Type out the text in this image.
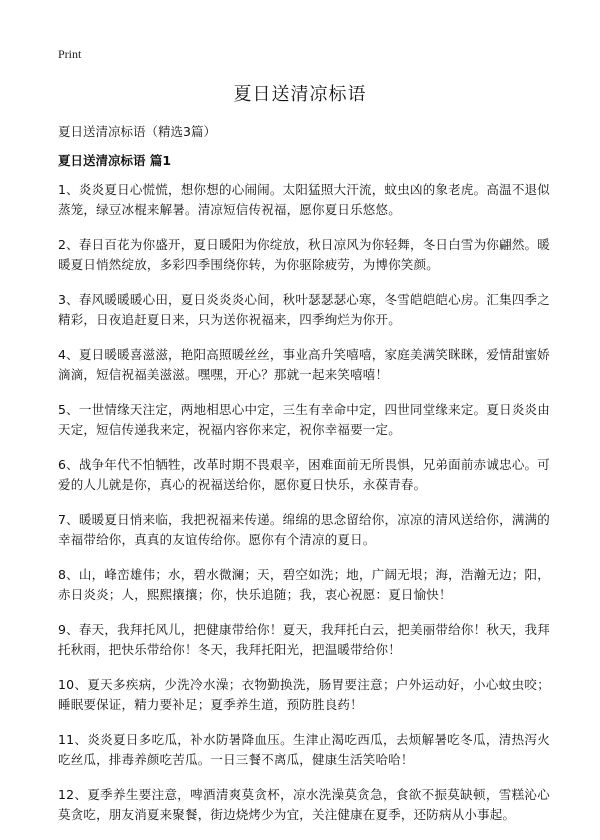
Print
夏日送清凉标语

夏日送清凉标语（精选3篇）

夏日送清凉标语 篇1

1、炎炎夏日心慌慌，想你想的心闹闹。太阳猛照大汗流，蚊虫凶的象老虎。高温不退似蒸笼，绿豆冰棍来解暑。清凉短信传祝福，愿你夏日乐悠悠。

2、春日百花为你盛开，夏日暖阳为你绽放，秋日凉风为你轻舞，冬日白雪为你翩然。暖暖夏日悄然绽放，多彩四季围绕你转，为你驱除疲劳，为博你笑颜。

3、春风暖暖暖心田，夏日炎炎炎心间，秋叶瑟瑟瑟心寒，冬雪皑皑皑心房。汇集四季之精彩，日夜追赶夏日来，只为送你祝福来，四季绚烂为你开。

4、夏日暖暖喜滋滋，艳阳高照暖丝丝，事业高升笑嘻嘻，家庭美满笑眯眯，爱情甜蜜娇滴滴，短信祝福美滋滋。嘿嘿，开心？那就一起来笑嘻嘻！

5、一世情缘天注定，两地相思心中定，三生有幸命中定，四世同堂缘来定。夏日炎炎由天定，短信传递我来定，祝福内容你来定，祝你幸福要一定。

6、战争年代不怕牺牲，改革时期不畏艰辛，困难面前无所畏惧，兄弟面前赤诚忠心。可爱的人儿就是你，真心的祝福送给你，愿你夏日快乐，永葆青春。

7、暖暖夏日悄来临，我把祝福来传递。绵绵的思念留给你，凉凉的清风送给你，满满的幸福带给你，真真的友谊传给你。愿你有个清凉的夏日。

8、山，峰峦雄伟；水，碧水微澜；天，碧空如洗；地，广阔无垠；海，浩瀚无边；阳，赤日炎炎；人，熙熙攘攘；你，快乐追随；我，衷心祝愿：夏日愉快！

9、春天，我拜托风儿，把健康带给你！夏天，我拜托白云，把美丽带给你！秋天，我拜托秋雨，把快乐带给你！冬天，我拜托阳光，把温暖带给你！

10、夏天多疾病，少洗冷水澡；衣物勤换洗，肠胃要注意；户外运动好，小心蚊虫咬；睡眠要保证，精力要补足；夏季养生道，预防胜良药！

11、炎炎夏日多吃瓜，补水防暑降血压。生津止渴吃西瓜，去烦解暑吃冬瓜，清热泻火吃丝瓜，排毒养颜吃苦瓜。一日三餐不离瓜，健康生活笑哈哈！

12、夏季养生要注意，啤酒清爽莫贪杯，凉水洗澡莫贪急，食欲不振莫缺顿，雪糕沁心莫贪吃，朋友消夏来聚餐，街边烧烤少为宜，关注健康在夏季，还防病从小事起。
